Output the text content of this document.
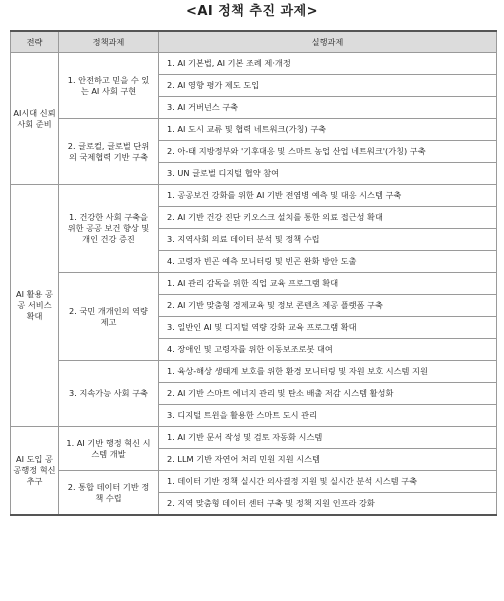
<AI 정책 추진 과제>
전략	정책과제	실행과제
AI시대 신뢰사회 준비	1. 안전하고 믿을 수 있는 AI 사회 구현	1. AI 기본법, AI 기본 조례 제·개정
		2. AI 영향 평가 제도 도입
		3. AI 거버넌스 구축
	2. 글로컬, 글로벌 단위의 국제협력 기반 구축	1. AI 도시 교류 및 협력 네트워크(가칭) 구축
		2. 아-태 지방정부와 '기후대응 및 스마트 농업 산업 네트워크'(가칭) 구축
		3. UN 글로벌 디지털 협약 참여
AI 활용 공공 서비스 확대	1. 건강한 사회 구축을 위한 공공 보건 향상 및 개인 건강 증진	1. 공공보건 강화를 위한 AI 기반 전염병 예측 및 대응 시스템 구축
		2. AI 기반 건강 진단 키오스크 설치를 통한 의료 접근성 확대
		3. 지역사회 의료 데이터 분석 및 정책 수립
		4. 고령자 빈곤 예측 모니터링 및 빈곤 완화 방안 도출
	2. 국민 개개인의 역량 제고	1. AI 관리 감독을 위한 직업 교육 프로그램 확대
		2. AI 기반 맞춤형 경제교육 및 정보 콘텐츠 제공 플랫폼 구축
		3. 일반인 AI 및 디지털 역량 강화 교육 프로그램 확대
		4. 장애인 및 고령자를 위한 이동보조로봇 대여
	3. 지속가능 사회 구축	1. 육상-해상 생태계 보호를 위한 환경 모니터링 및 자원 보호 시스템 지원
		2. AI 기반 스마트 에너지 관리 및 탄소 배출 저감 시스템 활성화
		3. 디지털 트윈을 활용한 스마트 도시 관리
AI 도입 공공행정 혁신추구	1. AI 기반 행정 혁신 시스템 개발	1. AI 기반 문서 작성 및 검토 자동화 시스템
		2. LLM 기반 자연어 처리 민원 지원 시스템
	2. 통합 데이터 기반 정책 수립	1. 데이터 기반 정책 실시간 의사결정 지원 및 실시간 분석 시스템 구축
		2. 지역 맞춤형 데이터 센터 구축 및 정책 지원 인프라 강화
